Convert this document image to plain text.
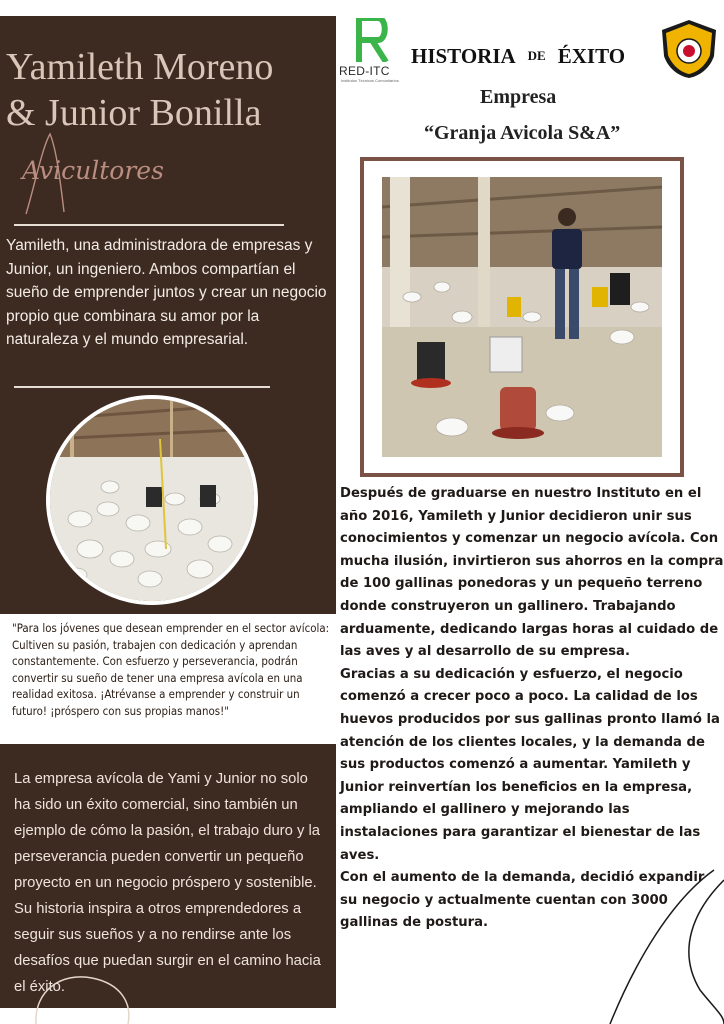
Yamileth Moreno
& Junior Bonilla
Avicultores
Yamileth, una administradora de empresas y Junior, un ingeniero. Ambos compartían el sueño de emprender juntos y crear un negocio propio que combinara su amor por la naturaleza y el mundo empresarial.
"Para los jóvenes que desean emprender en el sector avícola: Cultiven su pasión, trabajen con dedicación y aprendan constantemente. Con esfuerzo y perseverancia, podrán convertir su sueño de tener una empresa avícola en una realidad exitosa. ¡Atrévanse a emprender y construir un futuro! ¡próspero con sus propias manos!"
La empresa avícola de Yami y Junior no solo ha sido un éxito comercial, sino también un ejemplo de cómo la pasión, el trabajo duro y la perseverancia pueden convertir un pequeño proyecto en un negocio próspero y sostenible. Su historia inspira a otros emprendedores a seguir sus sueños y a no rendirse ante los desafíos que puedan surgir en el camino hacia el éxito.
RED-ITC
Institutos Técnicos Comunitarios
HISTORIA DE ÉXITO
Empresa
“Granja Avicola S&A”

Después de graduarse en nuestro Instituto en el año 2016, Yamileth y Junior decidieron unir sus conocimientos y comenzar un negocio avícola. Con mucha ilusión, invirtieron sus ahorros en la compra de 100 gallinas ponedoras y un pequeño terreno donde construyeron un gallinero. Trabajando arduamente, dedicando largas horas al cuidado de las aves y al desarrollo de su empresa.

Gracias a su dedicación y esfuerzo, el negocio comenzó a crecer poco a poco. La calidad de los huevos producidos por sus gallinas pronto llamó la atención de los clientes locales, y la demanda de sus productos comenzó a aumentar. Yamileth y Junior reinvertían los beneficios en la empresa, ampliando el gallinero y mejorando las instalaciones para garantizar el bienestar de las aves.

Con el aumento de la demanda, decidió expandir su negocio y actualmente cuentan con 3000 gallinas de postura.
